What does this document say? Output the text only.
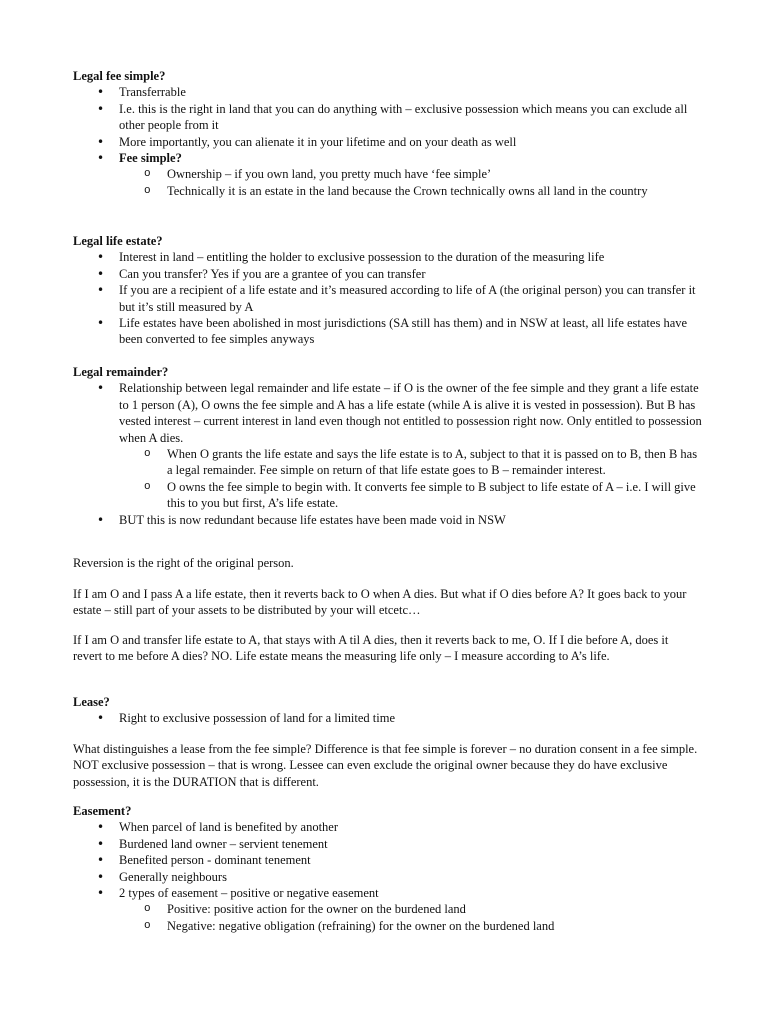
Legal fee simple?
• Transferrable
• I.e. this is the right in land that you can do anything with – exclusive possession which means you can exclude all other people from it
• More importantly, you can alienate it in your lifetime and on your death as well
• Fee simple?
o Ownership – if you own land, you pretty much have ‘fee simple’
o Technically it is an estate in the land because the Crown technically owns all land in the country
Legal life estate?
• Interest in land – entitling the holder to exclusive possession to the duration of the measuring life
• Can you transfer? Yes if you are a grantee of you can transfer
• If you are a recipient of a life estate and it’s measured according to life of A (the original person) you can transfer it but it’s still measured by A
• Life estates have been abolished in most jurisdictions (SA still has them) and in NSW at least, all life estates have been converted to fee simples anyways
Legal remainder?
• Relationship between legal remainder and life estate – if O is the owner of the fee simple and they grant a life estate to 1 person (A), O owns the fee simple and A has a life estate (while A is alive it is vested in possession). But B has vested interest – current interest in land even though not entitled to possession right now. Only entitled to possession when A dies.
o When O grants the life estate and says the life estate is to A, subject to that it is passed on to B, then B has a legal remainder. Fee simple on return of that life estate goes to B – remainder interest.
o O owns the fee simple to begin with. It converts fee simple to B subject to life estate of A – i.e. I will give this to you but first, A’s life estate.
• BUT this is now redundant because life estates have been made void in NSW
Reversion is the right of the original person.
If I am O and I pass A a life estate, then it reverts back to O when A dies. But what if O dies before A? It goes back to your estate – still part of your assets to be distributed by your will etcetc…
If I am O and transfer life estate to A, that stays with A til A dies, then it reverts back to me, O. If I die before A, does it revert to me before A dies? NO. Life estate means the measuring life only – I measure according to A’s life.
Lease?
• Right to exclusive possession of land for a limited time
What distinguishes a lease from the fee simple? Difference is that fee simple is forever – no duration consent in a fee simple. NOT exclusive possession – that is wrong. Lessee can even exclude the original owner because they do have exclusive possession, it is the DURATION that is different.
Easement?
• When parcel of land is benefited by another
• Burdened land owner – servient tenement
• Benefited person - dominant tenement
• Generally neighbours
• 2 types of easement – positive or negative easement
o Positive: positive action for the owner on the burdened land
o Negative: negative obligation (refraining) for the owner on the burdened land
